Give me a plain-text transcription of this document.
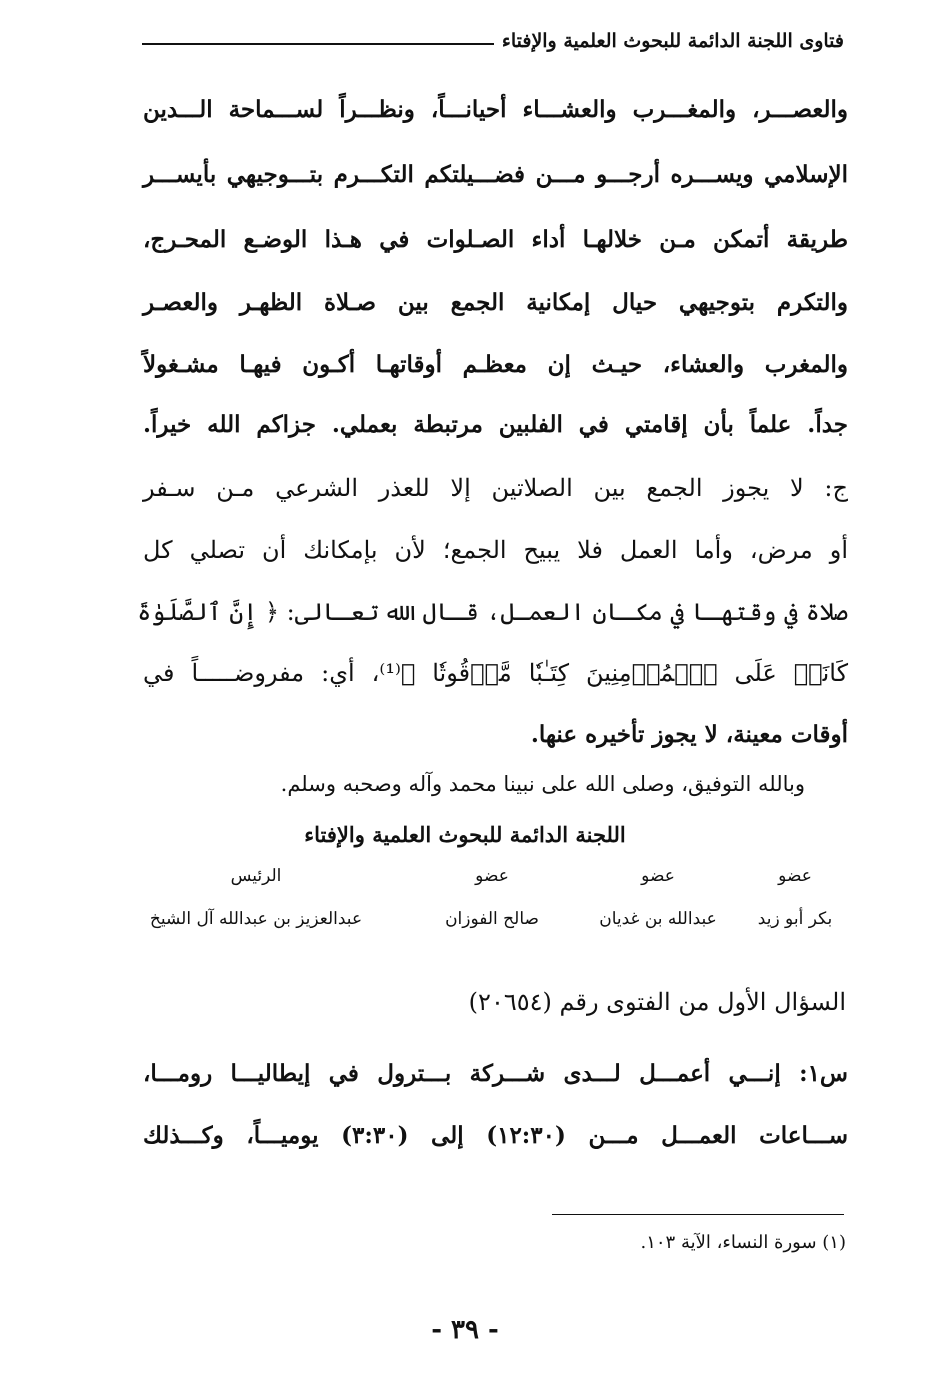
فتاوى اللجنة الدائمة للبحوث العلمية والإفتاء
والعصـــر، والمغـــرب والعشـــاء أحيانـــاً، ونظـــراً لســـماحة الـــدين
الإسلامي ويســـره أرجـــو مـــن فضـــيلتكم التكـــرم بتـــوجيهي بأيســـر
طريقة أتمكن مـن خلالهـا أداء الصـلوات في هـذا الوضـع المحـرج،
والتكرم بتوجيهي حيال إمكانية الجمع بين صـلاة الظهـر والعصـر
والمغرب والعشاء، حيـث إن معظـم أوقاتهـا أكـون فيهـا مشـغولاً
جداً. علماً بأن إقامتي في الفلبين مرتبطة بعملي. جزاكم الله خيراً.
ج: لا يجوز الجمع بين الصلاتين إلا للعذر الشرعي مـن سـفر
أو مرض، وأما العمل فلا يبيح الجمع؛ لأن بإمكانك أن تصلي كل
صلاة في وقتهـا في مكـان العمـل، قـال الله تعـالى: ﴿ إِنَّ ٱلصَّلَوٰةَ
كَانَتۡ عَلَى ٱلۡمُؤۡمِنِينَ كِتَـٰبٗا مَّوۡقُوتٗا ﴾⁽¹⁾، أي: مفروضـــــاً في
أوقات معينة، لا يجوز تأخيره عنها.
وبالله التوفيق، وصلى الله على نبينا محمد وآله وصحبه وسلم.
اللجنة الدائمة للبحوث العلمية والإفتاء
عضو
عضو
عضو
الرئيس
بكر أبو زيد
عبدالله بن غديان
صالح الفوزان
عبدالعزيز بن عبدالله آل الشيخ
السؤال الأول من الفتوى رقم (٢٠٦٥٤)
س١: إنـــي أعمـــل لـــدى شـــركة بـــترول في إيطاليـــا رومـــا،
ســـاعات العمـــل مـــن (١٢:٣٠) إلى (٣:٣٠) يوميـــاً، وكـــذلك
(١) سورة النساء، الآية ١٠٣.
- ٣٩ -
